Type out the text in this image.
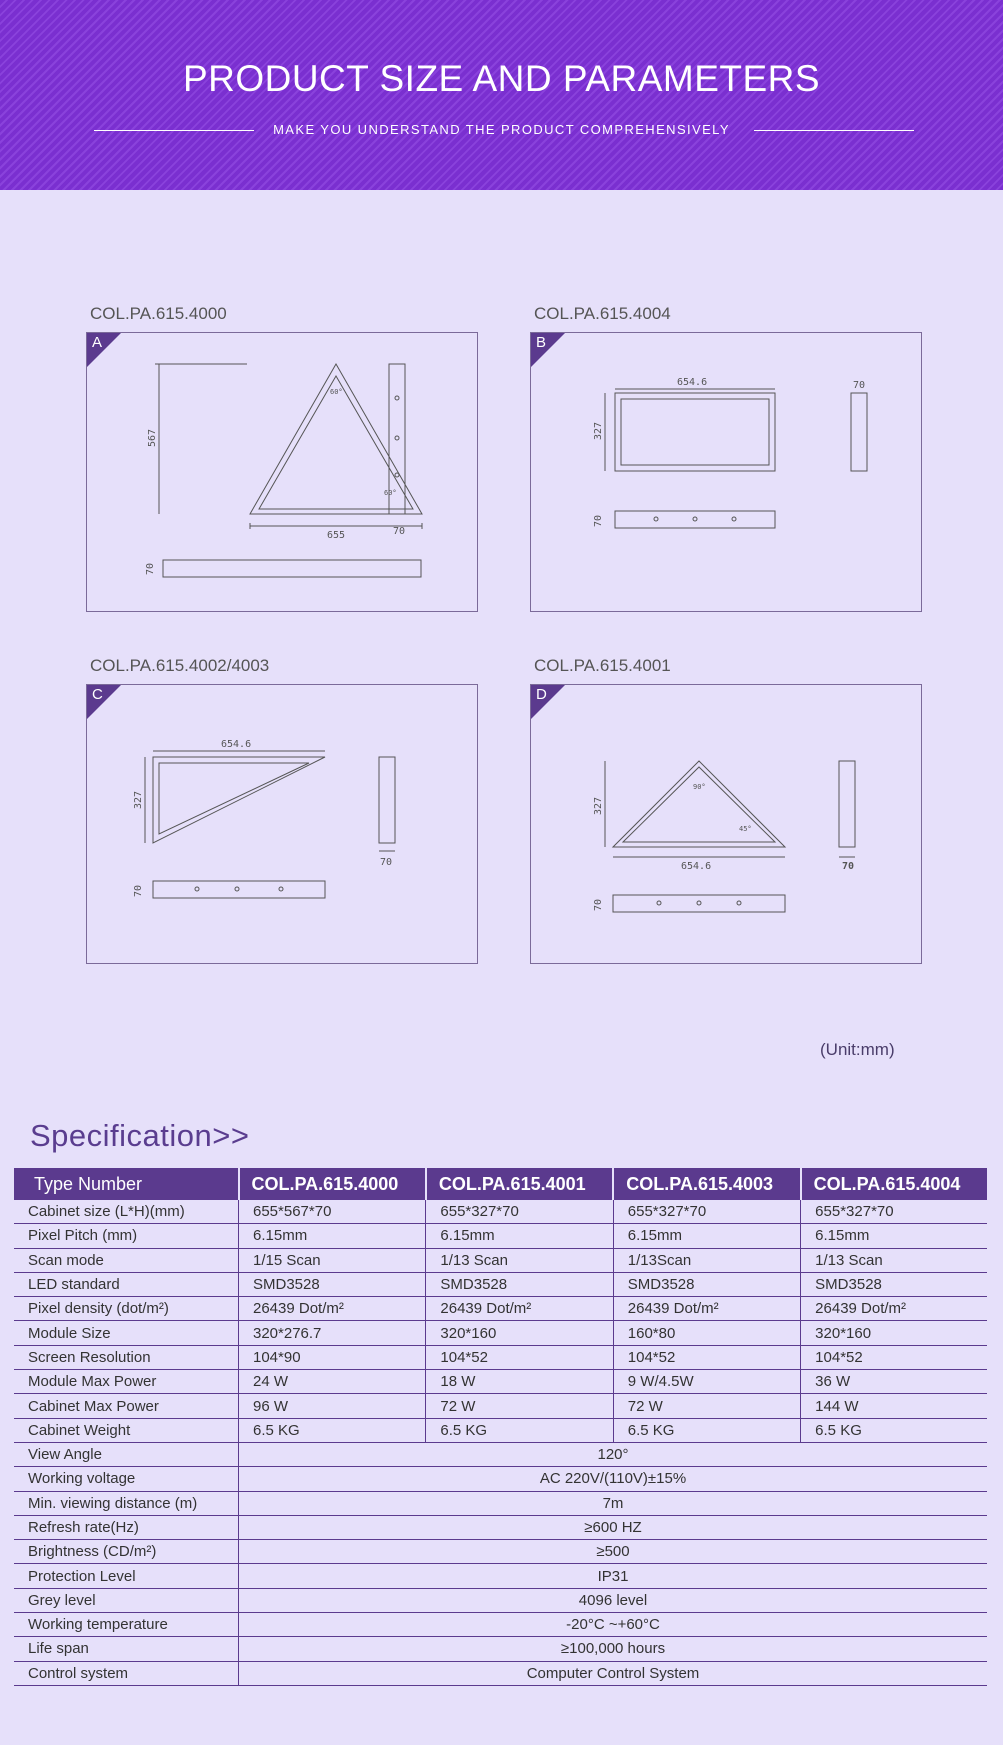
PRODUCT SIZE AND PARAMETERS
MAKE YOU UNDERSTAND THE PRODUCT COMPREHENSIVELY
COL.PA.615.4000
A
567
655	70
70
60°
60°
COL.PA.615.4004
B
654.6
327
70
70
COL.PA.615.4002/4003
C
654.6
327
70
70
COL.PA.615.4001
D
327
654.6	70
70
90°
45°
(Unit:mm)
Specification>>
Type Number	COL.PA.615.4000	COL.PA.615.4001	COL.PA.615.4003	COL.PA.615.4004
Cabinet size (L*H)(mm)	655*567*70	655*327*70	655*327*70	655*327*70
Pixel Pitch (mm)	6.15mm	6.15mm	6.15mm	6.15mm
Scan mode	1/15 Scan	1/13 Scan	1/13Scan	1/13 Scan
LED standard	SMD3528	SMD3528	SMD3528	SMD3528
Pixel density (dot/m²)	26439 Dot/m²	26439 Dot/m²	26439 Dot/m²	26439 Dot/m²
Module Size	320*276.7	320*160	160*80	320*160
Screen Resolution	104*90	104*52	104*52	104*52
Module Max Power	24 W	18 W	9 W/4.5W	36 W
Cabinet Max Power	96 W	72 W	72 W	144 W
Cabinet Weight	6.5 KG	6.5 KG	6.5 KG	6.5 KG
View Angle	120°			
Working voltage	AC 220V/(110V)±15%			
Min. viewing distance (m)	7m			
Refresh rate(Hz)	≥600 HZ			
Brightness (CD/m²)	≥500			
Protection Level	IP31			
Grey level	4096 level			
Working temperature	-20°C ~+60°C			
Life span	≥100,000 hours			
Control system	Computer Control System			
